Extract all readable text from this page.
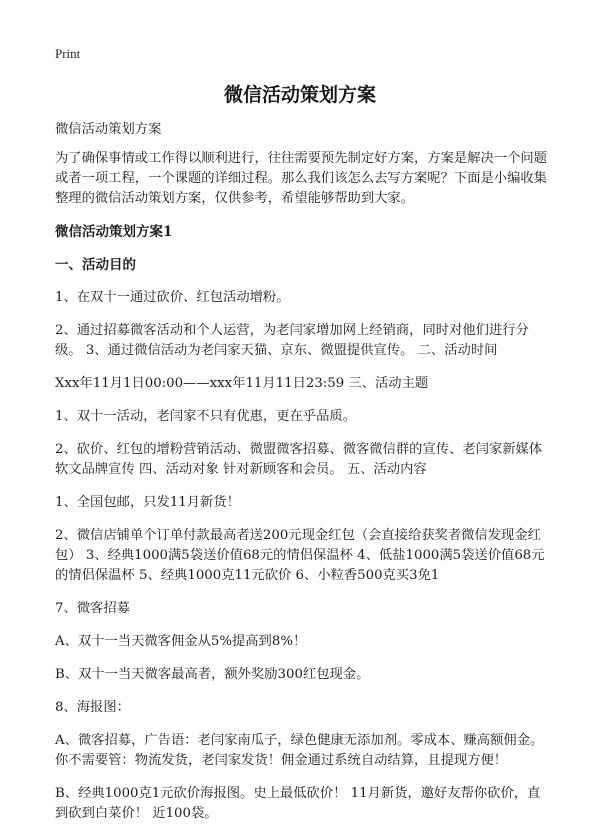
Print
微信活动策划方案

微信活动策划方案

为了确保事情或工作得以顺利进行，往往需要预先制定好方案，方案是解决一个问题或者一项工程，一个课题的详细过程。那么我们该怎么去写方案呢？下面是小编收集整理的微信活动策划方案，仅供参考，希望能够帮助到大家。

微信活动策划方案1
一、活动目的

1、在双十一通过砍价、红包活动增粉。

2、通过招募微客活动和个人运营，为老闫家增加网上经销商，同时对他们进行分级。 3、通过微信活动为老闫家天猫、京东、微盟提供宣传。 二、活动时间

Xxx年11月1日00:00——xxx年11月11日23:59 三、活动主题

1、双十一活动，老闫家不只有优惠，更在乎品质。

2、砍价、红包的增粉营销活动、微盟微客招募、微客微信群的宣传、老闫家新媒体软文品牌宣传 四、活动对象 针对新顾客和会员。 五、活动内容

1、全国包邮，只发11月新货！

2、微信店铺单个订单付款最高者送200元现金红包（会直接给获奖者微信发现金红包） 3、经典1000满5袋送价值68元的情侣保温杯 4、低盐1000满5袋送价值68元的情侣保温杯 5、经典1000克11元砍价 6、小粒香500克买3免1

7、微客招募

A、双十一当天微客佣金从5%提高到8%！

B、双十一当天微客最高者，额外奖励300红包现金。

8、海报图：

A、微客招募，广告语：老闫家南瓜子，绿色健康无添加剂。零成本、赚高额佣金。你不需要管：物流发货，老闫家发货！佣金通过系统自动结算，且提现方便！

B、经典1000克1元砍价海报图。史上最低砍价！ 11月新货，邀好友帮你砍价，直到砍到白菜价！ 近100袋。
